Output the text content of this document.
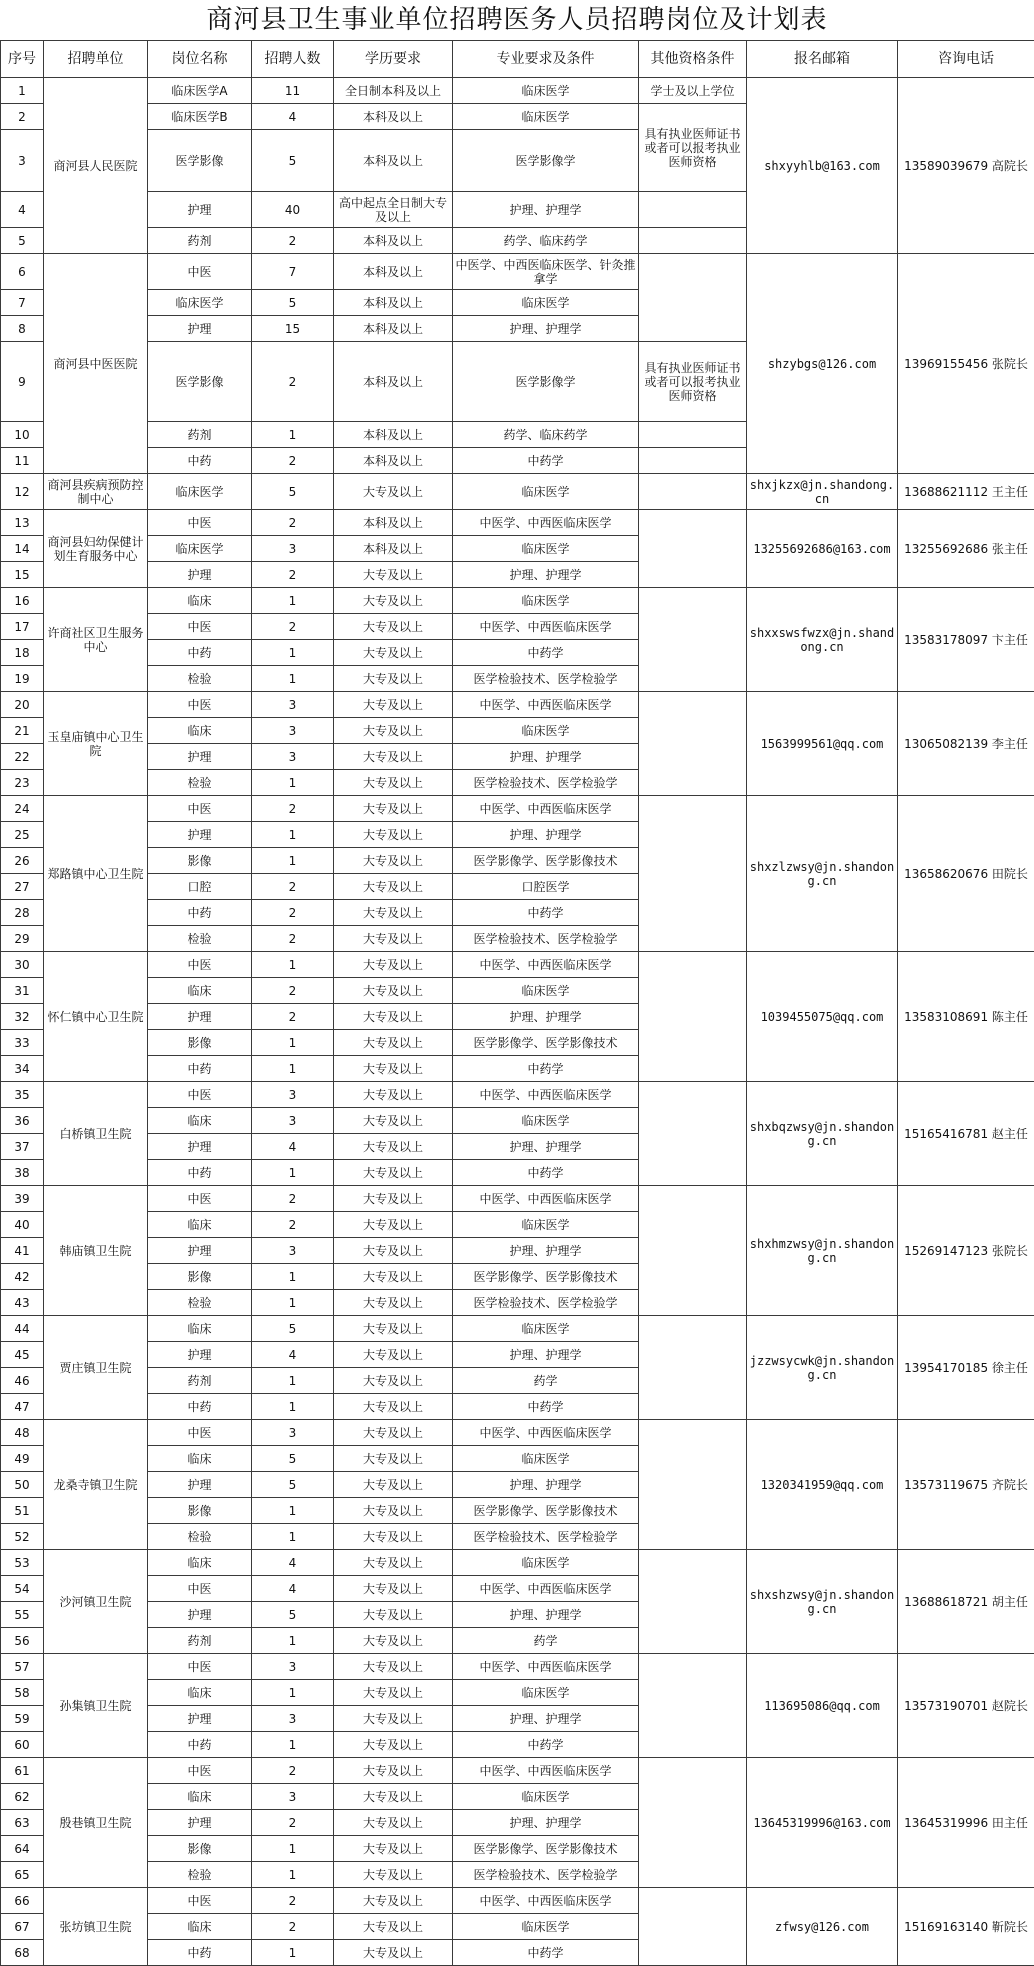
商河县卫生事业单位招聘医务人员招聘岗位及计划表
序号	招聘单位	岗位名称	招聘人数	学历要求	专业要求及条件	其他资格条件	报名邮箱	咨询电话
1	商河县人民医院	临床医学A	11	全日制本科及以上	临床医学	学士及以上学位	shxyyhlb@163.com	13589039679 高院长
2		临床医学B	4	本科及以上	临床医学	具有执业医师证书或者可以报考执业医师资格		
3		医学影像	5	本科及以上	医学影像学			
4		护理	40	高中起点全日制大专及以上	护理、护理学			
5		药剂	2	本科及以上	药学、临床药学			
6	商河县中医医院	中医	7	本科及以上	中医学、中西医临床医学、针灸推拿学		shzybgs@126.com	13969155456 张院长
7		临床医学	5	本科及以上	临床医学			
8		护理	15	本科及以上	护理、护理学			
9		医学影像	2	本科及以上	医学影像学	具有执业医师证书或者可以报考执业医师资格		
10		药剂	1	本科及以上	药学、临床药学			
11		中药	2	本科及以上	中药学			
12	商河县疾病预防控制中心	临床医学	5	大专及以上	临床医学		shxjkzx@jn.shandong.cn	13688621112 王主任
13	商河县妇幼保健计划生育服务中心	中医	2	本科及以上	中医学、中西医临床医学		13255692686@163.com	13255692686 张主任
14		临床医学	3	本科及以上	临床医学			
15		护理	2	大专及以上	护理、护理学			
16	许商社区卫生服务中心	临床	1	大专及以上	临床医学		shxxswsfwzx@jn.shandong.cn	13583178097 卞主任
17		中医	2	大专及以上	中医学、中西医临床医学			
18		中药	1	大专及以上	中药学			
19		检验	1	大专及以上	医学检验技术、医学检验学			
20	玉皇庙镇中心卫生院	中医	3	大专及以上	中医学、中西医临床医学		1563999561@qq.com	13065082139 李主任
21		临床	3	大专及以上	临床医学			
22		护理	3	大专及以上	护理、护理学			
23		检验	1	大专及以上	医学检验技术、医学检验学			
24	郑路镇中心卫生院	中医	2	大专及以上	中医学、中西医临床医学		shxzlzwsy@jn.shandong.cn	13658620676 田院长
25		护理	1	大专及以上	护理、护理学			
26		影像	1	大专及以上	医学影像学、医学影像技术			
27		口腔	2	大专及以上	口腔医学			
28		中药	2	大专及以上	中药学			
29		检验	2	大专及以上	医学检验技术、医学检验学			
30	怀仁镇中心卫生院	中医	1	大专及以上	中医学、中西医临床医学		1039455075@qq.com	13583108691 陈主任
31		临床	2	大专及以上	临床医学			
32		护理	2	大专及以上	护理、护理学			
33		影像	1	大专及以上	医学影像学、医学影像技术			
34		中药	1	大专及以上	中药学			
35	白桥镇卫生院	中医	3	大专及以上	中医学、中西医临床医学		shxbqzwsy@jn.shandong.cn	15165416781 赵主任
36		临床	3	大专及以上	临床医学			
37		护理	4	大专及以上	护理、护理学			
38		中药	1	大专及以上	中药学			
39	韩庙镇卫生院	中医	2	大专及以上	中医学、中西医临床医学		shxhmzwsy@jn.shandong.cn	15269147123 张院长
40		临床	2	大专及以上	临床医学			
41		护理	3	大专及以上	护理、护理学			
42		影像	1	大专及以上	医学影像学、医学影像技术			
43		检验	1	大专及以上	医学检验技术、医学检验学			
44	贾庄镇卫生院	临床	5	大专及以上	临床医学		jzzwsycwk@jn.shandong.cn	13954170185 徐主任
45		护理	4	大专及以上	护理、护理学			
46		药剂	1	大专及以上	药学			
47		中药	1	大专及以上	中药学			
48	龙桑寺镇卫生院	中医	3	大专及以上	中医学、中西医临床医学		1320341959@qq.com	13573119675 齐院长
49		临床	5	大专及以上	临床医学			
50		护理	5	大专及以上	护理、护理学			
51		影像	1	大专及以上	医学影像学、医学影像技术			
52		检验	1	大专及以上	医学检验技术、医学检验学			
53	沙河镇卫生院	临床	4	大专及以上	临床医学		shxshzwsy@jn.shandong.cn	13688618721 胡主任
54		中医	4	大专及以上	中医学、中西医临床医学			
55		护理	5	大专及以上	护理、护理学			
56		药剂	1	大专及以上	药学			
57	孙集镇卫生院	中医	3	大专及以上	中医学、中西医临床医学		113695086@qq.com	13573190701 赵院长
58		临床	1	大专及以上	临床医学			
59		护理	3	大专及以上	护理、护理学			
60		中药	1	大专及以上	中药学			
61	殷巷镇卫生院	中医	2	大专及以上	中医学、中西医临床医学		13645319996@163.com	13645319996 田主任
62		临床	3	大专及以上	临床医学			
63		护理	2	大专及以上	护理、护理学			
64		影像	1	大专及以上	医学影像学、医学影像技术			
65		检验	1	大专及以上	医学检验技术、医学检验学			
66	张坊镇卫生院	中医	2	大专及以上	中医学、中西医临床医学		zfwsy@126.com	15169163140 靳院长
67		临床	2	大专及以上	临床医学			
68		中药	1	大专及以上	中药学			
